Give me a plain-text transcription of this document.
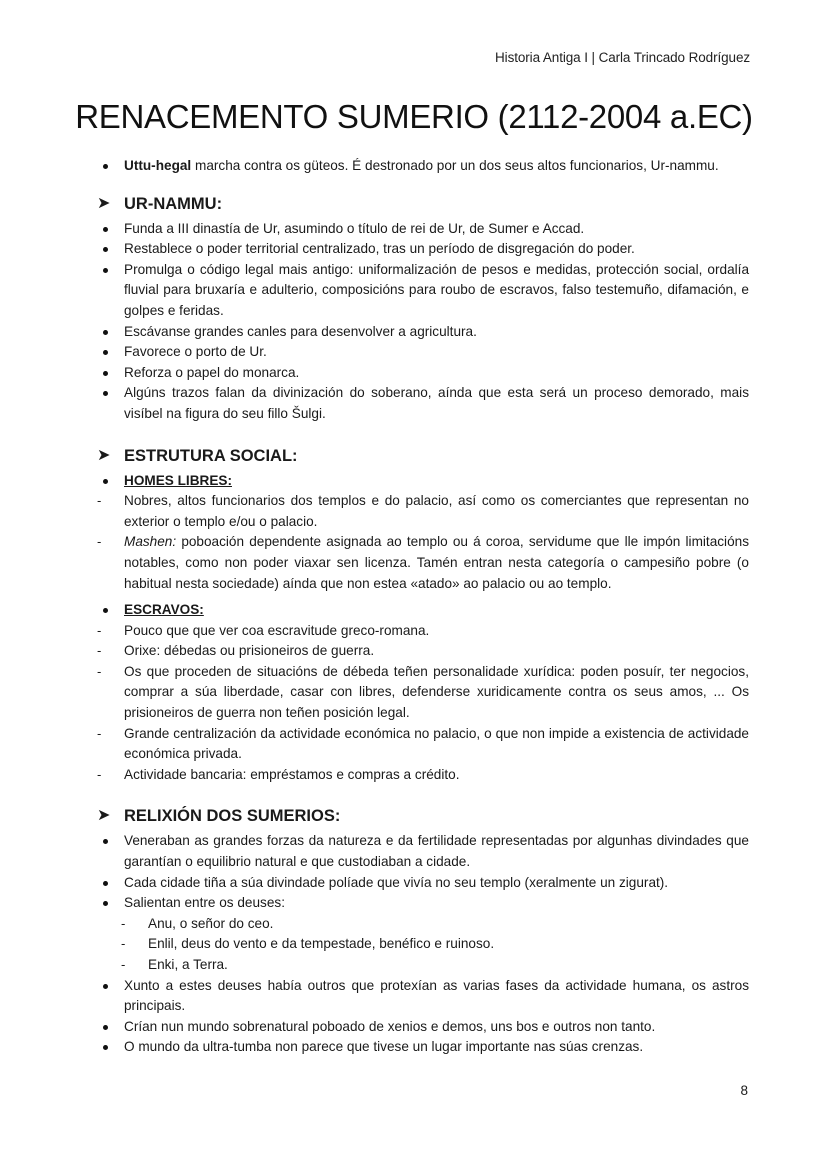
Historia Antiga I | Carla Trincado Rodríguez
RENACEMENTO SUMERIO (2112-2004 a.EC)
Uttu-hegal marcha contra os güteos. É destronado por un dos seus altos funcionarios, Ur-nammu.
➤ UR-NAMMU:
Funda a III dinastía de Ur, asumindo o título de rei de Ur, de Sumer e Accad.
Restablece o poder territorial centralizado, tras un período de disgregación do poder.
Promulga o código legal mais antigo: uniformalización de pesos e medidas, protección social, ordalía fluvial para bruxaría e adulterio, composicións para roubo de escravos, falso testemuño, difamación, e golpes e feridas.
Escávanse grandes canles para desenvolver a agricultura.
Favorece o porto de Ur.
Reforza o papel do monarca.
Algúns trazos falan da divinización do soberano, aínda que esta será un proceso demorado, mais visíbel na figura do seu fillo Šulgi.
➤ ESTRUTURA SOCIAL:
HOMES LIBRES:
- Nobres, altos funcionarios dos templos e do palacio, así como os comerciantes que representan no exterior o templo e/ou o palacio.
- Mashen: poboación dependente asignada ao templo ou á coroa, servidume que lle impón limitacións notables, como non poder viaxar sen licenza. Tamén entran nesta categoría o campesiño pobre (o habitual nesta sociedade) aínda que non estea «atado» ao palacio ou ao templo.
ESCRAVOS:
- Pouco que que ver coa escravitude greco-romana.
- Orixe: débedas ou prisioneiros de guerra.
- Os que proceden de situacións de débeda teñen personalidade xurídica: poden posuír, ter negocios, comprar a súa liberdade, casar con libres, defenderse xuridicamente contra os seus amos, ... Os prisioneiros de guerra non teñen posición legal.
- Grande centralización da actividade económica no palacio, o que non impide a existencia de actividade económica privada.
- Actividade bancaria: empréstamos e compras a crédito.
➤ RELIXIÓN DOS SUMERIOS:
Veneraban as grandes forzas da natureza e da fertilidade representadas por algunhas divindades que garantían o equilibrio natural e que custodiaban a cidade.
Cada cidade tiña a súa divindade políade que vivía no seu templo (xeralmente un zigurat).
Salientan entre os deuses:
- Anu, o señor do ceo.
- Enlil, deus do vento e da tempestade, benéfico e ruinoso.
- Enki, a Terra.
Xunto a estes deuses había outros que protexían as varias fases da actividade humana, os astros principais.
Crían nun mundo sobrenatural poboado de xenios e demos, uns bos e outros non tanto.
O mundo da ultra-tumba non parece que tivese un lugar importante nas súas crenzas.
8
